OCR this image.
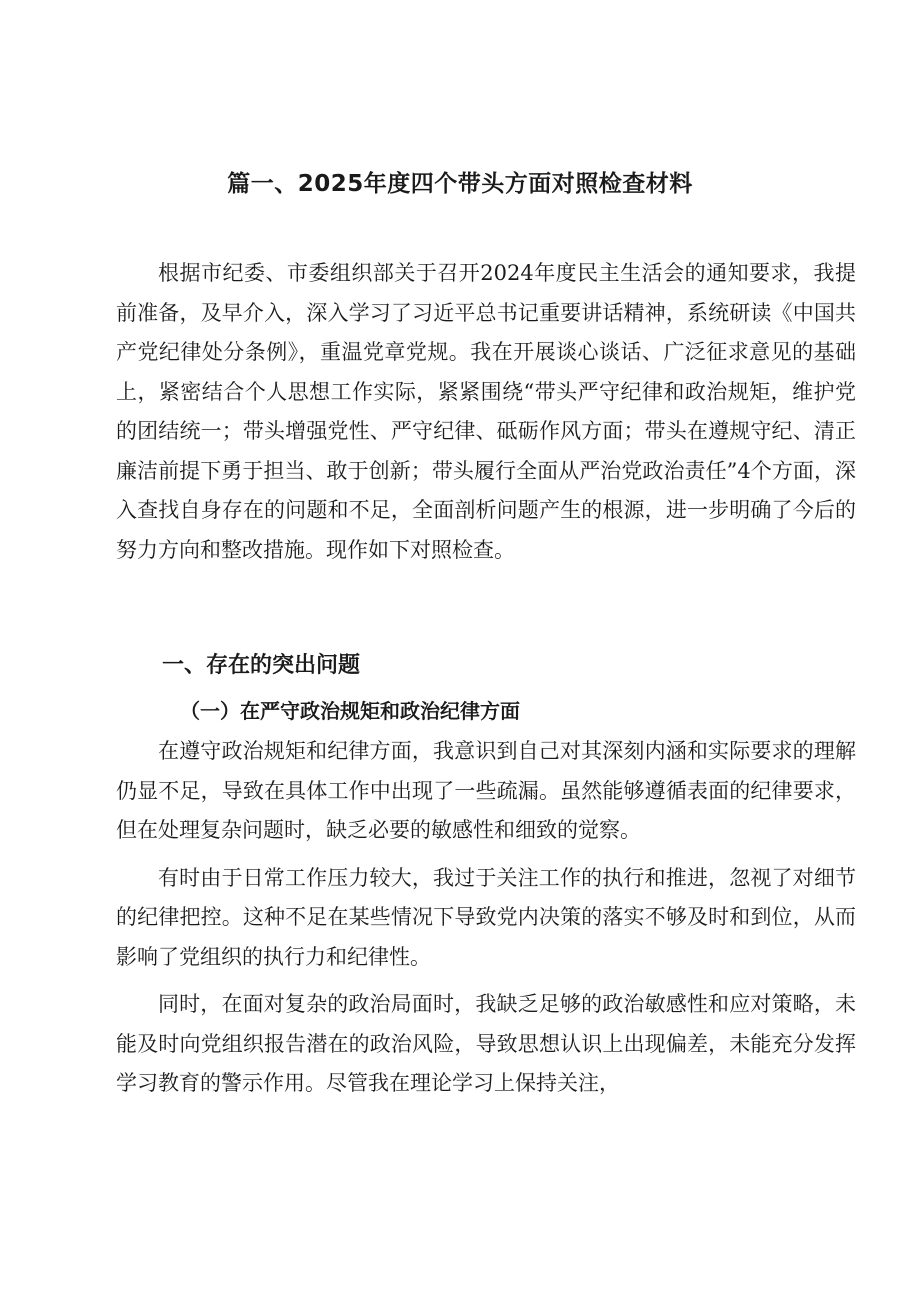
篇一、2025年度四个带头方面对照检查材料

根据市纪委、市委组织部关于召开2024年度民主生活会的通知要求，我提前准备，及早介入，深入学习了习近平总书记重要讲话精神，系统研读《中国共产党纪律处分条例》，重温党章党规。我在开展谈心谈话、广泛征求意见的基础上，紧密结合个人思想工作实际，紧紧围绕“带头严守纪律和政治规矩，维护党的团结统一；带头增强党性、严守纪律、砥砺作风方面；带头在遵规守纪、清正廉洁前提下勇于担当、敢于创新；带头履行全面从严治党政治责任”4个方面，深入查找自身存在的问题和不足，全面剖析问题产生的根源，进一步明确了今后的努力方向和整改措施。现作如下对照检查。

一、存在的突出问题
（一）在严守政治规矩和政治纪律方面

在遵守政治规矩和纪律方面，我意识到自己对其深刻内涵和实际要求的理解仍显不足，导致在具体工作中出现了一些疏漏。虽然能够遵循表面的纪律要求，但在处理复杂问题时，缺乏必要的敏感性和细致的觉察。

有时由于日常工作压力较大，我过于关注工作的执行和推进，忽视了对细节的纪律把控。这种不足在某些情况下导致党内决策的落实不够及时和到位，从而影响了党组织的执行力和纪律性。

同时，在面对复杂的政治局面时，我缺乏足够的政治敏感性和应对策略，未能及时向党组织报告潜在的政治风险，导致思想认识上出现偏差，未能充分发挥学习教育的警示作用。尽管我在理论学习上保持关注，
